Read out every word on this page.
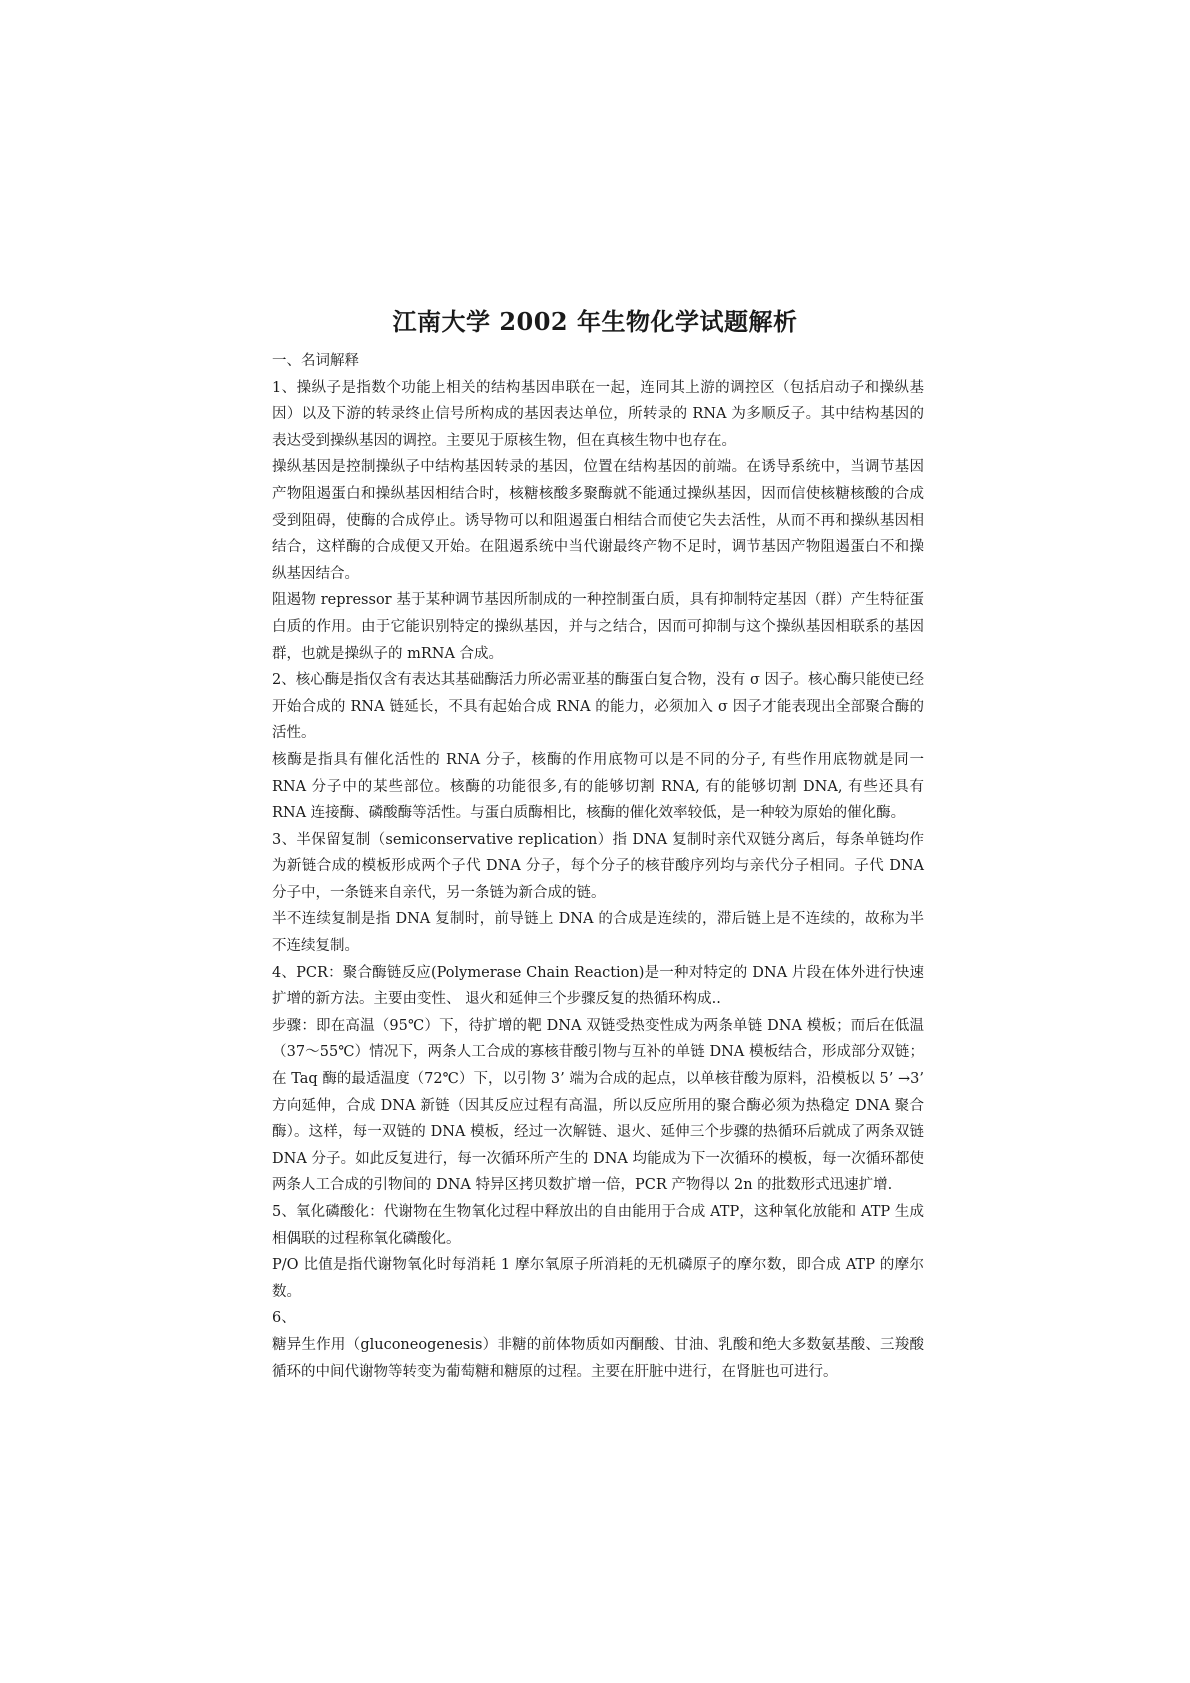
江南大学 2002 年生物化学试题解析

一、名词解释

1、操纵子是指数个功能上相关的结构基因串联在一起，连同其上游的调控区（包括启动子和操纵基因）以及下游的转录终止信号所构成的基因表达单位，所转录的 RNA 为多顺反子。其中结构基因的表达受到操纵基因的调控。主要见于原核生物，但在真核生物中也存在。

操纵基因是控制操纵子中结构基因转录的基因，位置在结构基因的前端。在诱导系统中，当调节基因产物阻遏蛋白和操纵基因相结合时，核糖核酸多聚酶就不能通过操纵基因，因而信使核糖核酸的合成受到阻碍，使酶的合成停止。诱导物可以和阻遏蛋白相结合而使它失去活性，从而不再和操纵基因相结合，这样酶的合成便又开始。在阻遏系统中当代谢最终产物不足时，调节基因产物阻遏蛋白不和操纵基因结合。

阻遏物 repressor 基于某种调节基因所制成的一种控制蛋白质，具有抑制特定基因（群）产生特征蛋白质的作用。由于它能识别特定的操纵基因，并与之结合，因而可抑制与这个操纵基因相联系的基因群，也就是操纵子的 mRNA 合成。

2、核心酶是指仅含有表达其基础酶活力所必需亚基的酶蛋白复合物，没有 σ 因子。核心酶只能使已经开始合成的 RNA 链延长，不具有起始合成 RNA 的能力，必须加入 σ 因子才能表现出全部聚合酶的活性。

核酶是指具有催化活性的 RNA 分子，核酶的作用底物可以是不同的分子, 有些作用底物就是同一 RNA 分子中的某些部位。核酶的功能很多,有的能够切割 RNA, 有的能够切割 DNA, 有些还具有 RNA 连接酶、磷酸酶等活性。与蛋白质酶相比，核酶的催化效率较低，是一种较为原始的催化酶。

3、半保留复制（semiconservative replication）指 DNA 复制时亲代双链分离后，每条单链均作为新链合成的模板形成两个子代 DNA 分子，每个分子的核苷酸序列均与亲代分子相同。子代 DNA 分子中，一条链来自亲代，另一条链为新合成的链。

半不连续复制是指 DNA 复制时，前导链上 DNA 的合成是连续的，滞后链上是不连续的，故称为半不连续复制。

4、PCR：聚合酶链反应(Polymerase Chain Reaction)是一种对特定的 DNA 片段在体外进行快速扩增的新方法。主要由变性、 退火和延伸三个步骤反复的热循环构成..

步骤：即在高温（95℃）下，待扩增的靶 DNA 双链受热变性成为两条单链 DNA 模板；而后在低温（37～55℃）情况下，两条人工合成的寡核苷酸引物与互补的单链 DNA 模板结合，形成部分双链；在 Taq 酶的最适温度（72℃）下，以引物 3’ 端为合成的起点，以单核苷酸为原料，沿模板以 5’ →3’ 方向延伸，合成 DNA 新链（因其反应过程有高温，所以反应所用的聚合酶必须为热稳定 DNA 聚合酶）。这样，每一双链的 DNA 模板，经过一次解链、退火、延伸三个步骤的热循环后就成了两条双链 DNA 分子。如此反复进行，每一次循环所产生的 DNA 均能成为下一次循环的模板，每一次循环都使两条人工合成的引物间的 DNA 特异区拷贝数扩增一倍，PCR 产物得以 2n 的批数形式迅速扩增.

5、氧化磷酸化：代谢物在生物氧化过程中释放出的自由能用于合成 ATP，这种氧化放能和 ATP 生成相偶联的过程称氧化磷酸化。

P/O 比值是指代谢物氧化时每消耗 1 摩尔氧原子所消耗的无机磷原子的摩尔数，即合成 ATP 的摩尔数。

6、

糖异生作用（gluconeogenesis）非糖的前体物质如丙酮酸、甘油、乳酸和绝大多数氨基酸、三羧酸循环的中间代谢物等转变为葡萄糖和糖原的过程。主要在肝脏中进行，在肾脏也可进行。
